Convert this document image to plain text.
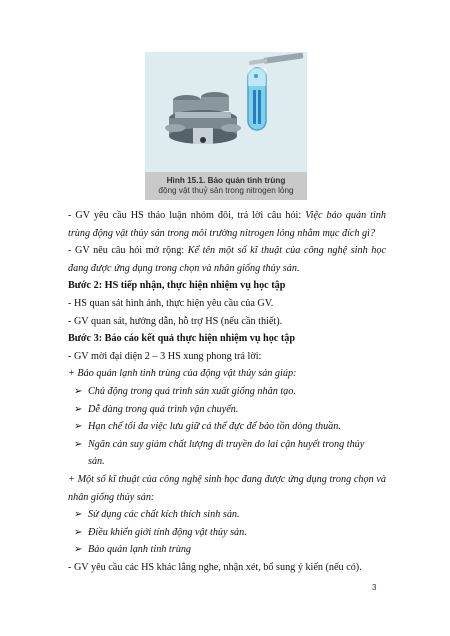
Hình 15.1. Bảo quản tinh trùng
động vật thuỷ sản trong nitrogen lỏng

- GV yêu cầu HS thảo luận nhóm đôi, trả lời câu hỏi: Việc bảo quản tinh trùng động vật thủy sản trong môi trường nitrogen lỏng nhằm mục đích gì?

- GV nêu câu hỏi mở rộng: Kể tên một số kĩ thuật của công nghệ sinh học đang được ứng dụng trong chọn và nhân giống thủy sản.

Bước 2: HS tiếp nhận, thực hiện nhiệm vụ học tập

- HS quan sát hình ảnh, thực hiện yêu cầu của GV.

- GV quan sát, hướng dẫn, hỗ trợ HS (nếu cần thiết).

Bước 3: Báo cáo kết quả thực hiện nhiệm vụ học tập

- GV mời đại diện 2 – 3 HS xung phong trả lời:

+ Bảo quản lạnh tinh trùng của động vật thủy sản giúp:

➢ Chủ động trong quá trình sản xuất giống nhân tạo.

➢ Dễ dàng trong quá trình vận chuyển.

➢ Hạn chế tối đa việc lưu giữ cá thể đực để bảo tồn dòng thuần.

➢ Ngăn cản suy giảm chất lượng di truyền do lai cận huyết trong thủy

sản.

+ Một số kĩ thuật của công nghệ sinh học đang được ứng dụng trong chọn và nhân giống thủy sản:

➢ Sử dụng các chất kích thích sinh sản.

➢ Điều khiển giới tính động vật thủy sản.

➢ Bảo quản lạnh tinh trùng

- GV yêu cầu các HS khác lắng nghe, nhận xét, bổ sung ý kiến (nếu có).

3
